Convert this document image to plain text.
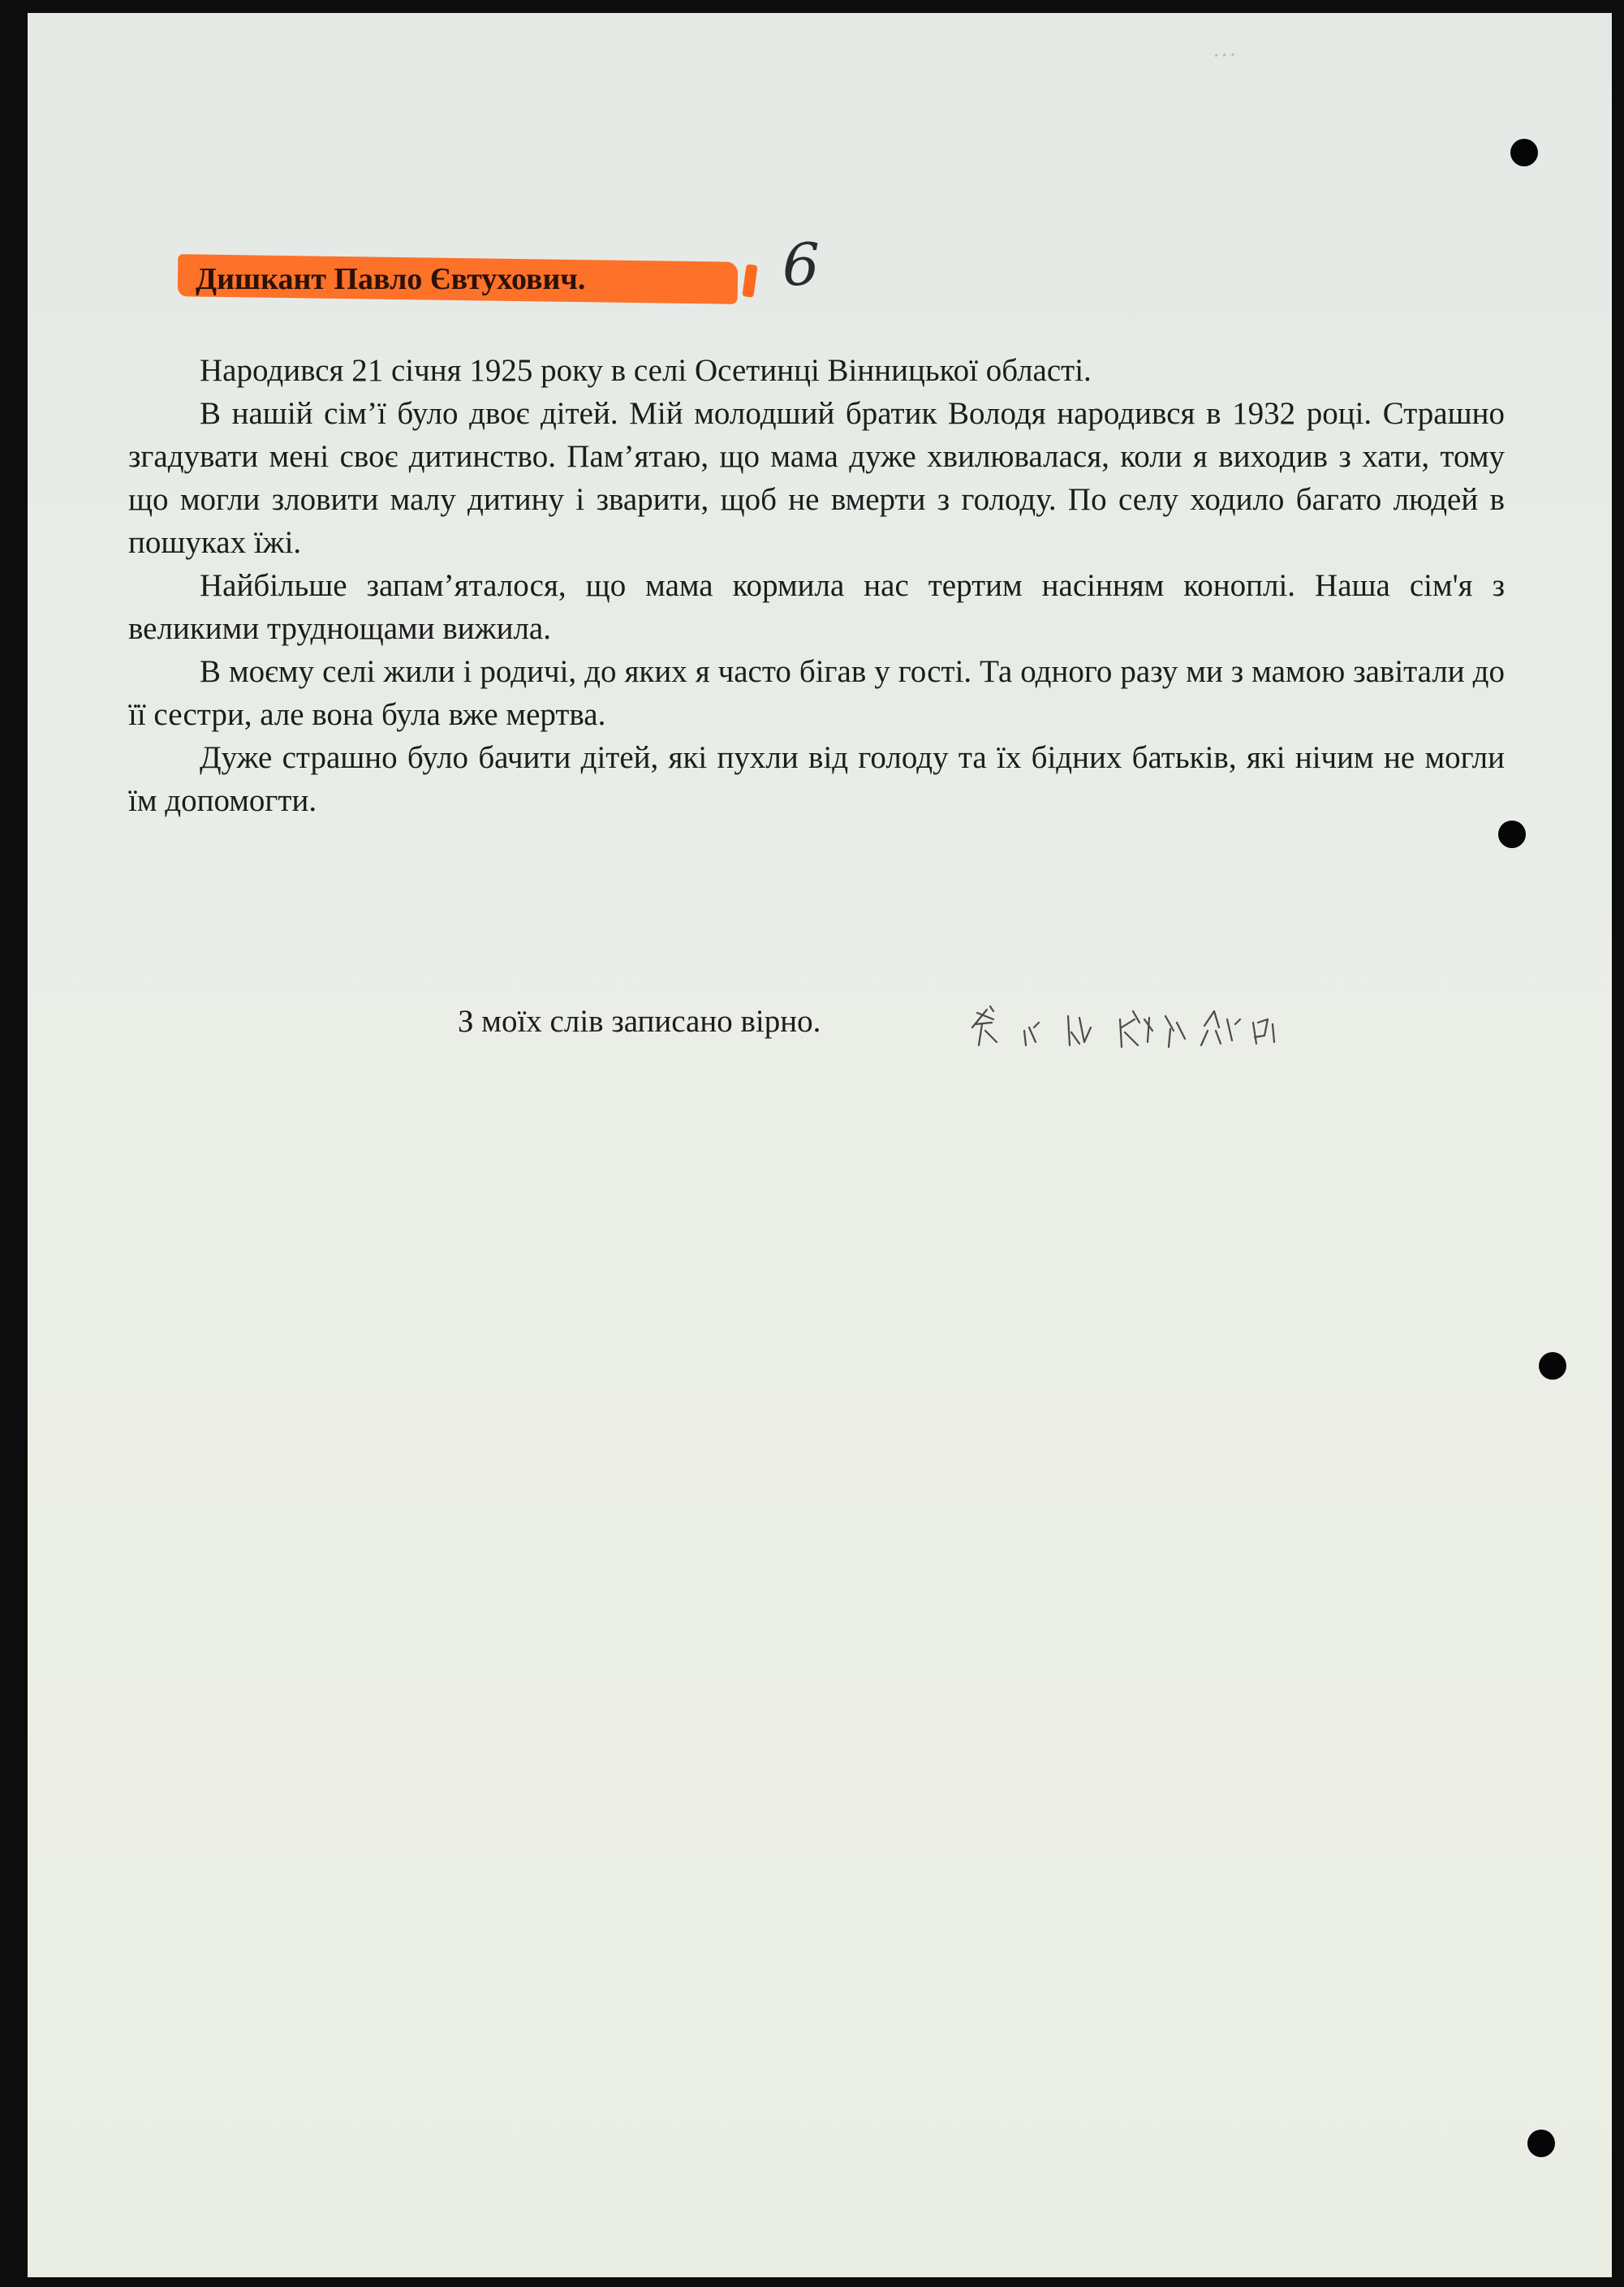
...
Дишкант Павло Євтухович.	6

Народився 21 січня 1925 року в селі Осетинці Вінницької області.

В нашій сім’ї було двоє дітей. Мій молодший братик Володя народився в 1932 році. Страшно згадувати мені своє дитинство. Пам’ятаю, що мама дуже хвилювалася, коли я виходив з хати, тому що могли зловити малу дитину і зварити, щоб не вмерти з голоду. По селу ходило багато людей в пошуках їжі.

Найбільше запам’яталося, що мама кормила нас тертим насінням коноплі. Наша сім'я з великими труднощами вижила.

В моєму селі жили і родичі, до яких я часто бігав у гості. Та одного разу ми з мамою завітали до її сестри, але вона була вже мертва.

Дуже страшно було бачити дітей, які пухли від голоду та їх бідних батьків, які нічим не могли їм допомогти.

З моїх слів записано вірно.
